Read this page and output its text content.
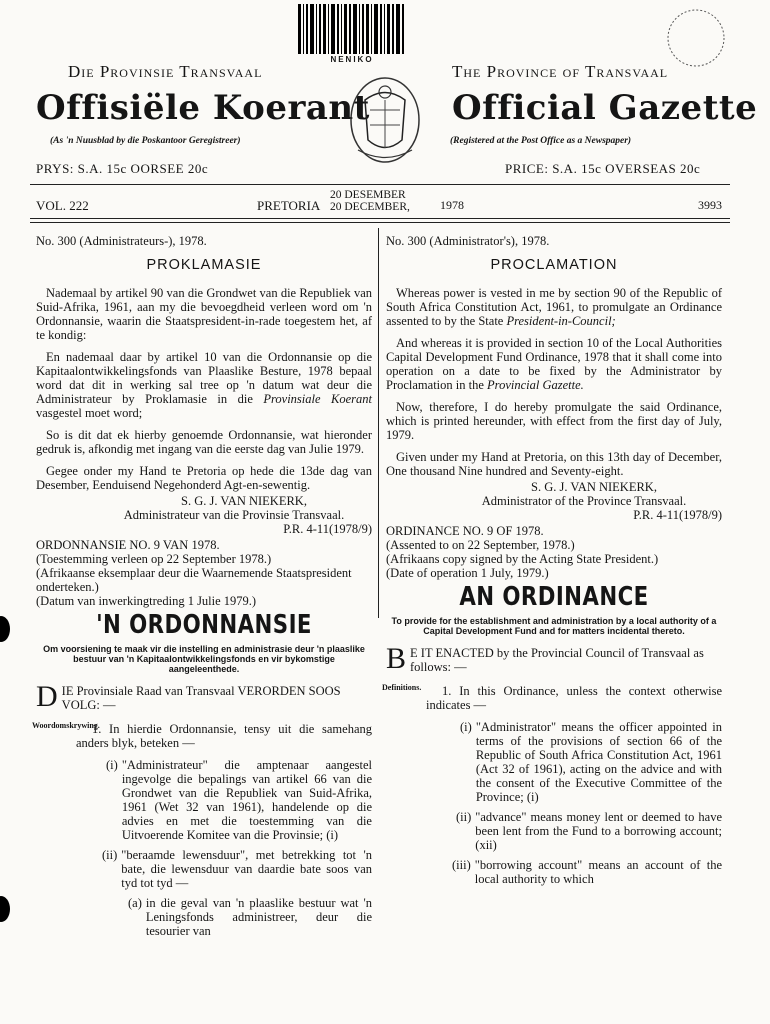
NENIKO
Die Provinsie Transvaal	The Province of Transvaal
Offisiële Koerant Official Gazette
(As 'n Nuusblad by die Poskantoor Geregistreer)	(Registered at the Post Office as a Newspaper)
PRYS: S.A. 15c OORSEE 20c	PRICE: S.A. 15c OVERSEAS 20c
VOL. 222	PRETORIA
20 DESEMBER
20 DECEMBER,	1978	3993

No. 300 (Administrateurs-), 1978.

PROKLAMASIE

Nademaal by artikel 90 van die Grondwet van die Republiek van Suid-Afrika, 1961, aan my die bevoegdheid verleen word om 'n Ordonnansie, waarin die Staatspresident-in-rade toegestem het, af te kondig:

En nademaal daar by artikel 10 van die Ordonnansie op die Kapitaalontwikkelingsfonds van Plaaslike Besture, 1978 bepaal word dat dit in werking sal tree op 'n datum wat deur die Administrateur by Proklamasie in die Provinsiale Koerant vasgestel moet word;

So is dit dat ek hierby genoemde Ordonnansie, wat hieronder gedruk is, afkondig met ingang van die eerste dag van Julie 1979.

Gegee onder my Hand te Pretoria op hede die 13de dag van Desember, Eenduisend Negehonderd Agt-en-sewentig.

S. G. J. VAN NIEKERK,
Administrateur van die Provinsie Transvaal.
P.R. 4-11(1978/9)
ORDONNANSIE NO. 9 VAN 1978.
(Toestemming verleen op 22 September 1978.)
(Afrikaanse eksemplaar deur die Waarnemende Staatspresident onderteken.)
(Datum van inwerkingtreding 1 Julie 1979.)
'N ORDONNANSIE
Om voorsiening te maak vir die instelling en administrasie deur 'n plaaslike bestuur van 'n Kapitaalontwikkelingsfonds en vir bykomstige aangeleenthede.
D IE Provinsiale Raad van Transvaal VERORDEN SOOS VOLG: —
Woordomskrywing.

1. In hierdie Ordonnansie, tensy uit die samehang anders blyk, beteken —

(i) "Administrateur" die amptenaar aangestel ingevolge die bepalings van artikel 66 van die Grondwet van die Republiek van Suid-Afrika, 1961 (Wet 32 van 1961), handelende op die advies en met die toestemming van die Uitvoerende Komitee van die Provinsie; (i)
(ii) "beraamde lewensduur", met betrekking tot 'n bate, die lewensduur van daardie bate soos van tyd tot tyd —
(a) in die geval van 'n plaaslike bestuur wat 'n Leningsfonds administreer, deur die tesourier van

No. 300 (Administrator's), 1978.

PROCLAMATION

Whereas power is vested in me by section 90 of the Republic of South Africa Constitution Act, 1961, to promulgate an Ordinance assented to by the State President-in-Council;

And whereas it is provided in section 10 of the Local Authorities Capital Development Fund Ordinance, 1978 that it shall come into operation on a date to be fixed by the Administrator by Proclamation in the Provincial Gazette.

Now, therefore, I do hereby promulgate the said Ordinance, which is printed hereunder, with effect from the first day of July, 1979.

Given under my Hand at Pretoria, on this 13th day of December, One thousand Nine hundred and Seventy-eight.

S. G. J. VAN NIEKERK,
Administrator of the Province Transvaal.
P.R. 4-11(1978/9)
ORDINANCE NO. 9 OF 1978.
(Assented to on 22 September, 1978.)
(Afrikaans copy signed by the Acting State President.)
(Date of operation 1 July, 1979.)
AN ORDINANCE
To provide for the establishment and administration by a local authority of a Capital Development Fund and for matters incidental thereto.
B E IT ENACTED by the Provincial Council of Transvaal as follows: —
Definitions.	1. In this Ordinance, unless the context otherwise indicates —

(i) "Administrator" means the officer appointed in terms of the provisions of section 66 of the Republic of South Africa Constitution Act, 1961 (Act 32 of 1961), acting on the advice and with the consent of the Executive Committee of the Province; (i)
(ii) "advance" means money lent or deemed to have been lent from the Fund to a borrowing account; (xii)
(iii) "borrowing account" means an account of the local authority to which
